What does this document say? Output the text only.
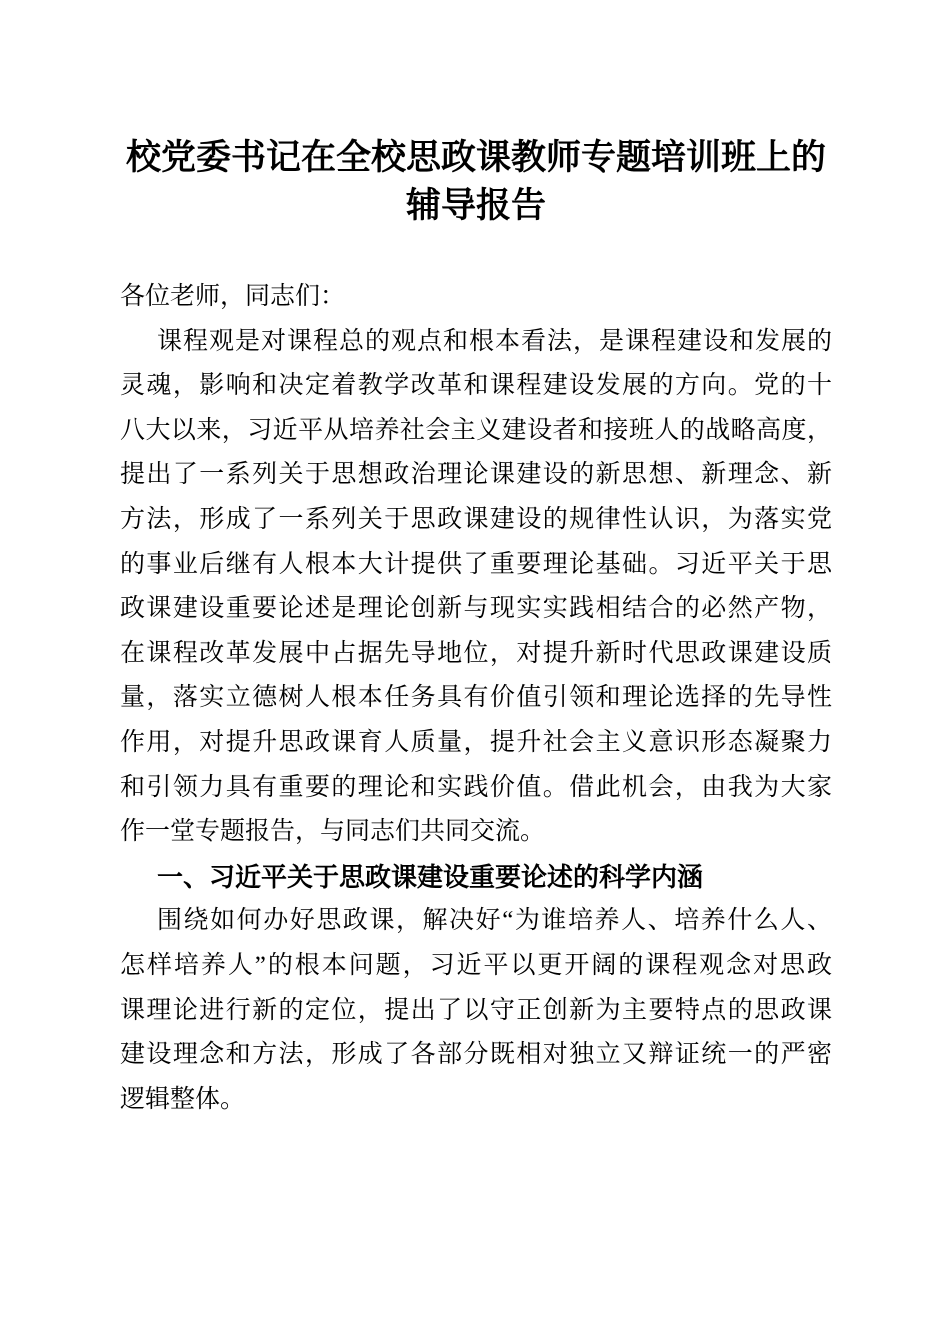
校党委书记在全校思政课教师专题培训班上的
辅导报告
各位老师，同志们：
课程观是对课程总的观点和根本看法，是课程建设和发展的
灵魂，影响和决定着教学改革和课程建设发展的方向。党的十
八大以来，习近平从培养社会主义建设者和接班人的战略高度，
提出了一系列关于思想政治理论课建设的新思想、新理念、新
方法，形成了一系列关于思政课建设的规律性认识，为落实党
的事业后继有人根本大计提供了重要理论基础。习近平关于思
政课建设重要论述是理论创新与现实实践相结合的必然产物，
在课程改革发展中占据先导地位，对提升新时代思政课建设质
量，落实立德树人根本任务具有价值引领和理论选择的先导性
作用，对提升思政课育人质量，提升社会主义意识形态凝聚力
和引领力具有重要的理论和实践价值。借此机会，由我为大家
作一堂专题报告，与同志们共同交流。
一、习近平关于思政课建设重要论述的科学内涵
围绕如何办好思政课，解决好“为谁培养人、培养什么人、
怎样培养人”的根本问题，习近平以更开阔的课程观念对思政
课理论进行新的定位，提出了以守正创新为主要特点的思政课
建设理念和方法，形成了各部分既相对独立又辩证统一的严密
逻辑整体。
